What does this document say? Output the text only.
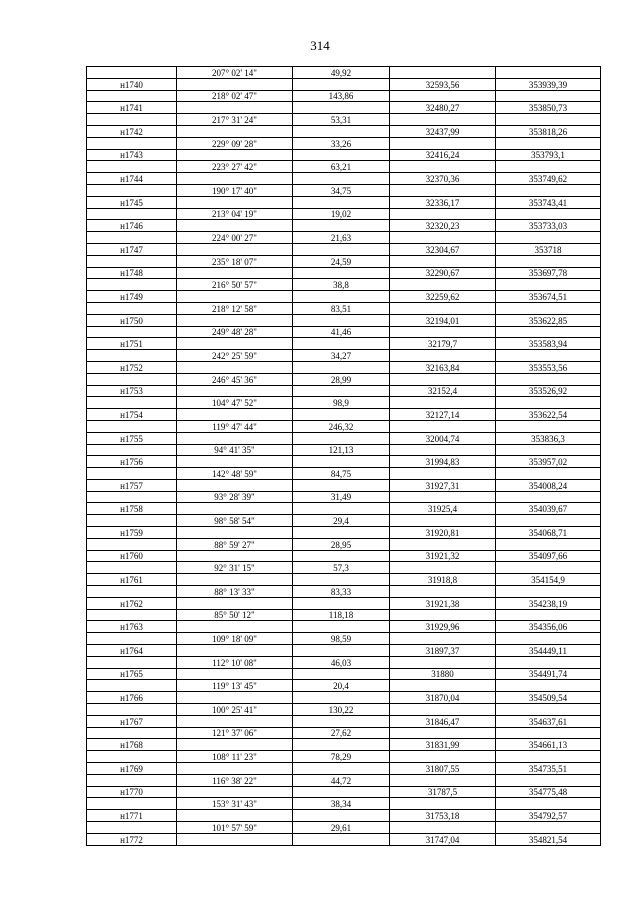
314
	207° 02' 14"	49,92		
н1740			32593,56	353939,39
	218° 02' 47"	143,86		
н1741			32480,27	353850,73
	217° 31' 24"	53,31		
н1742			32437,99	353818,26
	229° 09' 28"	33,26		
н1743			32416,24	353793,1
	223° 27' 42"	63,21		
н1744			32370,36	353749,62
	190° 17' 40"	34,75		
н1745			32336,17	353743,41
	213° 04' 19"	19,02		
н1746			32320,23	353733,03
	224° 00' 27"	21,63		
н1747			32304,67	353718
	235° 18' 07"	24,59		
н1748			32290,67	353697,78
	216° 50' 57"	38,8		
н1749			32259,62	353674,51
	218° 12' 58"	83,51		
н1750			32194,01	353622,85
	249° 48' 28"	41,46		
н1751			32179,7	353583,94
	242° 25' 59"	34,27		
н1752			32163,84	353553,56
	246° 45' 36"	28,99		
н1753			32152,4	353526,92
	104° 47' 52"	98,9		
н1754			32127,14	353622,54
	119° 47' 44"	246,32		
н1755			32004,74	353836,3
	94° 41' 35"	121,13		
н1756			31994,83	353957,02
	142° 48' 59"	84,75		
н1757			31927,31	354008,24
	93° 28' 39"	31,49		
н1758			31925,4	354039,67
	98° 58' 54"	29,4		
н1759			31920,81	354068,71
	88° 59' 27"	28,95		
н1760			31921,32	354097,66
	92° 31' 15"	57,3		
н1761			31918,8	354154,9
	88° 13' 33"	83,33		
н1762			31921,38	354238,19
	85° 50' 12"	118,18		
н1763			31929,96	354356,06
	109° 18' 09"	98,59		
н1764			31897,37	354449,11
	112° 10' 08"	46,03		
н1765			31880	354491,74
	119° 13' 45"	20,4		
н1766			31870,04	354509,54
	100° 25' 41"	130,22		
н1767			31846,47	354637,61
	121° 37' 06"	27,62		
н1768			31831,99	354661,13
	108° 11' 23"	78,29		
н1769			31807,55	354735,51
	116° 38' 22"	44,72		
н1770			31787,5	354775,48
	153° 31' 43"	38,34		
н1771			31753,18	354792,57
	101° 57' 59"	29,61		
н1772			31747,04	354821,54
